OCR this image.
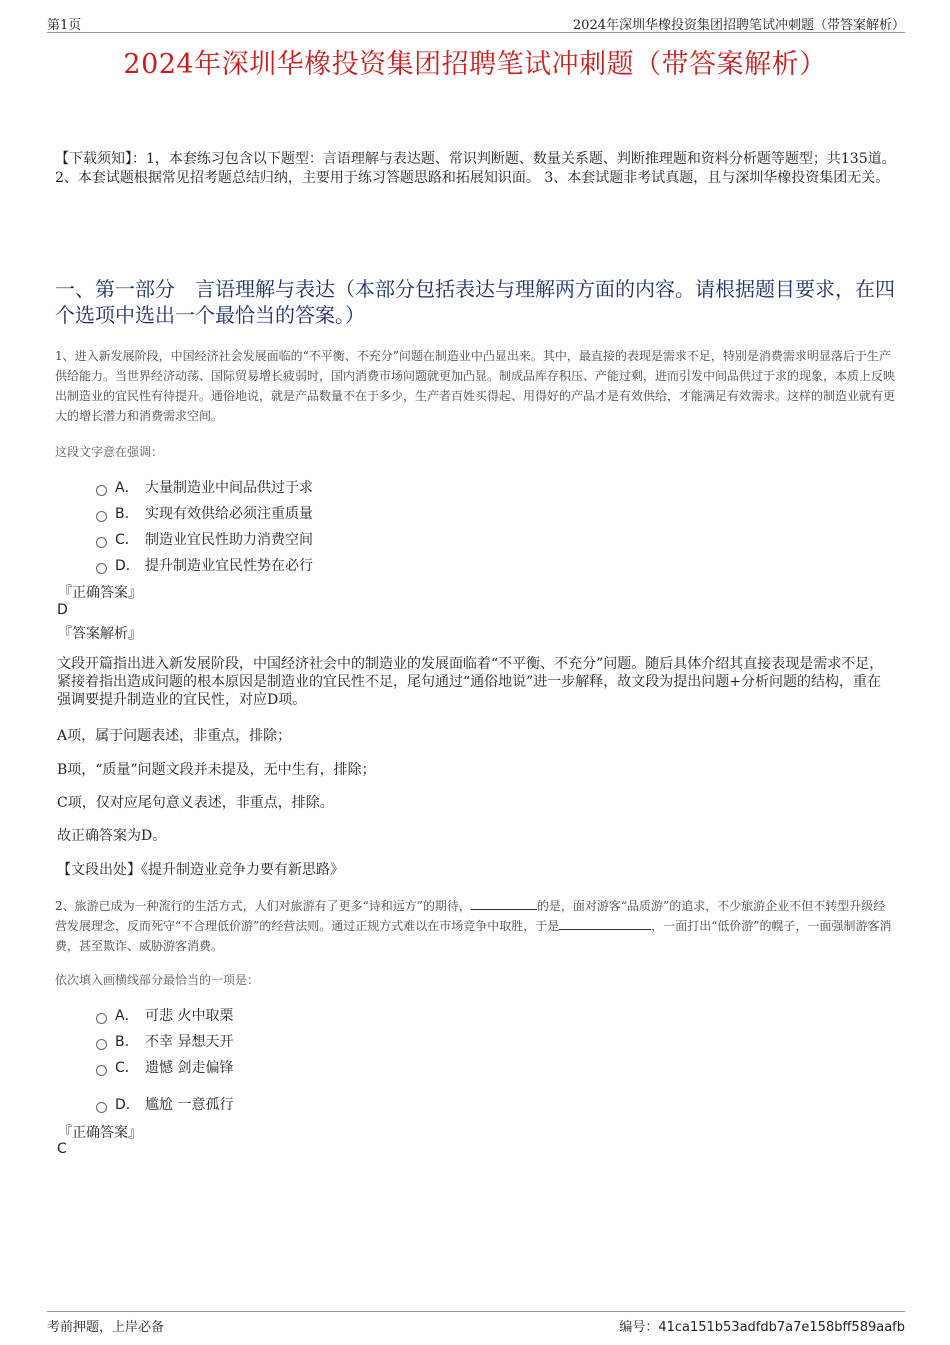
第1页	2024年深圳华橡投资集团招聘笔试冲刺题（带答案解析）
2024年深圳华橡投资集团招聘笔试冲刺题（带答案解析）
【下载须知】：1，本套练习包含以下题型：言语理解与表达题、常识判断题、数量关系题、判断推理题和资料分析题等题型；共135道。 2、本套试题根据常见招考题总结归纳，主要用于练习答题思路和拓展知识面。 3、本套试题非考试真题，且与深圳华橡投资集团无关。
一、第一部分　言语理解与表达（本部分包括表达与理解两方面的内容。请根据题目要求，在四个选项中选出一个最恰当的答案。）
1、进入新发展阶段，中国经济社会发展面临的“不平衡、不充分”问题在制造业中凸显出来。其中，最直接的表现是需求不足，特别是消费需求明显落后于生产供给能力。当世界经济动荡、国际贸易增长疲弱时，国内消费市场问题就更加凸显。制成品库存积压、产能过剩，进而引发中间品供过于求的现象，本质上反映出制造业的宜民性有待提升。通俗地说，就是产品数量不在于多少，生产者百姓买得起、用得好的产品才是有效供给，才能满足有效需求。这样的制造业就有更大的增长潜力和消费需求空间。
这段文字意在强调：
A． 大量制造业中间品供过于求
B． 实现有效供给必须注重质量
C． 制造业宜民性助力消费空间
D． 提升制造业宜民性势在必行
『正确答案』
D
『答案解析』
文段开篇指出进入新发展阶段，中国经济社会中的制造业的发展面临着“不平衡、不充分”问题。随后具体介绍其直接表现是需求不足，紧接着指出造成问题的根本原因是制造业的宜民性不足，尾句通过“通俗地说”进一步解释，故文段为提出问题+分析问题的结构，重在强调要提升制造业的宜民性，对应D项。
A项，属于问题表述，非重点，排除；
B项，“质量”问题文段并未提及，无中生有，排除；
C项，仅对应尾句意义表述，非重点，排除。
故正确答案为D。
【文段出处】《提升制造业竞争力要有新思路》
2、旅游已成为一种流行的生活方式，人们对旅游有了更多“诗和远方”的期待，	的是，面对游客“品质游”的追求，不少旅游企业不但不转型升级经营发展理念，反而死守“不合理低价游”的经营法则。通过正规方式难以在市场竞争中取胜，于是	，一面打出“低价游”的幌子，一面强制游客消费，甚至欺诈、威胁游客消费。
依次填入画横线部分最恰当的一项是：
A． 可悲 火中取栗
B． 不幸 异想天开
C． 遗憾 剑走偏锋
D． 尴尬 一意孤行
『正确答案』
C
考前押题，上岸必备	编号：41ca151b53adfdb7a7e158bff589aafb
